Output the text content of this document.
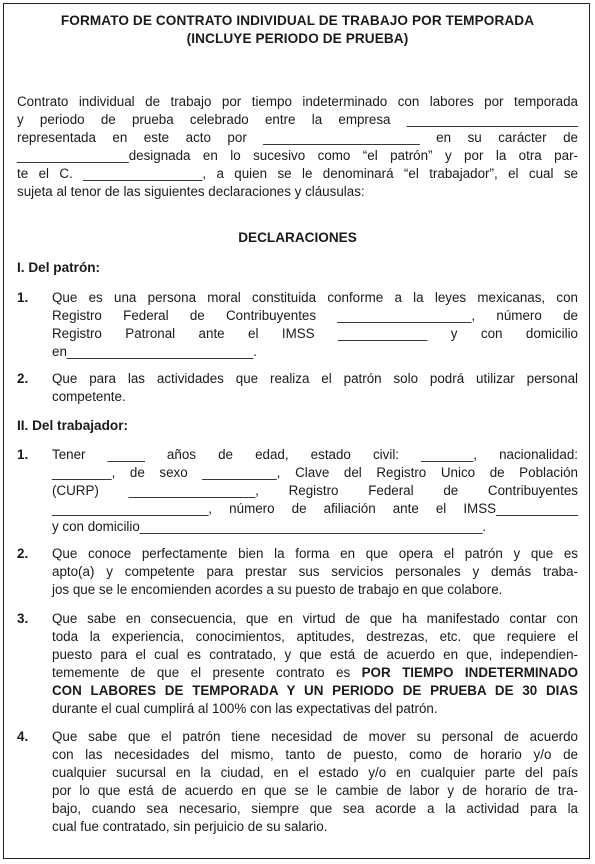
FORMATO DE CONTRATO INDIVIDUAL DE TRABAJO POR TEMPORADA
(INCLUYE PERIODO DE PRUEBA)
Contrato individual de trabajo por tiempo indeterminado con labores por temporada
y periodo de prueba celebrado entre la empresa _______________________
representada en este acto por _____________________ en su carácter de
_______________designada en lo sucesivo como “el patrón” y por la otra par-
te el C. ________________, a quien se le denominará “el trabajador”, el cual se
sujeta al tenor de las siguientes declaraciones y cláusulas:
DECLARACIONES
I. Del patrón:
1. Que es una persona moral constituida conforme a la leyes mexicanas, con
Registro Federal de Contribuyentes __________________, número de
Registro Patronal ante el IMSS ____________ y con domicilio
en_________________________.
2. Que para las actividades que realiza el patrón solo podrá utilizar personal
competente.
II. Del trabajador:
1. Tener _____ años de edad, estado civil: _______, nacionalidad:
________, de sexo __________, Clave del Registro Unico de Población
(CURP) _________________, Registro Federal de Contribuyentes
_____________________, número de afiliación ante el IMSS___________
y con domicilio______________________________________________.
2. Que conoce perfectamente bien la forma en que opera el patrón y que es
apto(a) y competente para prestar sus servicios personales y demás traba-
jos que se le encomienden acordes a su puesto de trabajo en que colabore.
3. Que sabe en consecuencia, que en virtud de que ha manifestado contar con
toda la experiencia, conocimientos, aptitudes, destrezas, etc. que requiere el
puesto para el cual es contratado, y que está de acuerdo en que, independien-
tememente de que el presente contrato es POR TIEMPO INDETERMINADO
CON LABORES DE TEMPORADA Y UN PERIODO DE PRUEBA DE 30 DIAS
durante el cual cumplirá al 100% con las expectativas del patrón.
4. Que sabe que el patrón tiene necesidad de mover su personal de acuerdo
con las necesidades del mismo, tanto de puesto, como de horario y/o de
cualquier sucursal en la ciudad, en el estado y/o en cualquier parte del país
por lo que está de acuerdo en que se le cambie de labor y de horario de tra-
bajo, cuando sea necesario, siempre que sea acorde a la actividad para la
cual fue contratado, sin perjuicio de su salario.
